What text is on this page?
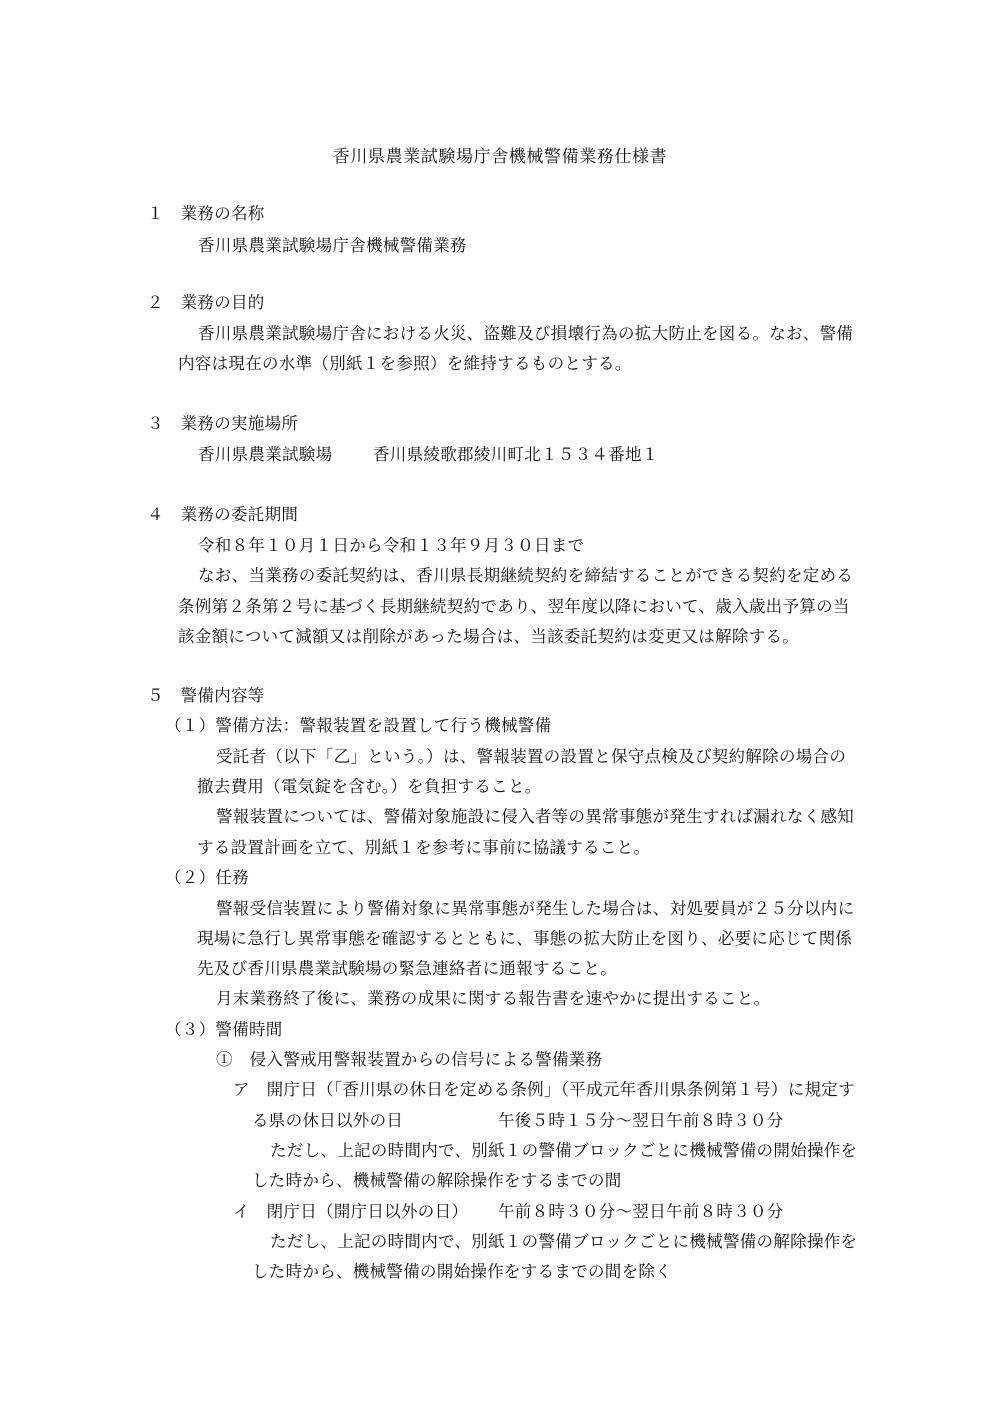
香川県農業試験場庁舎機械警備業務仕様書
１　業務の名称
香川県農業試験場庁舎機械警備業務
２　業務の目的
香川県農業試験場庁舎における火災、盗難及び損壊行為の拡大防止を図る。なお、警備
内容は現在の水準（別紙１を参照）を維持するものとする。
３　業務の実施場所
香川県農業試験場 香川県綾歌郡綾川町北１５３４番地１
４　業務の委託期間
令和８年１０月１日から令和１３年９月３０日まで
なお、当業務の委託契約は、香川県長期継続契約を締結することができる契約を定める
条例第２条第２号に基づく長期継続契約であり、翌年度以降において、歳入歳出予算の当
該金額について減額又は削除があった場合は、当該委託契約は変更又は解除する。
５　警備内容等
（１）警備方法：警報装置を設置して行う機械警備
受託者（以下「乙」という。）は、警報装置の設置と保守点検及び契約解除の場合の
撤去費用（電気錠を含む。）を負担すること。
警報装置については、警備対象施設に侵入者等の異常事態が発生すれば漏れなく感知
する設置計画を立て、別紙１を参考に事前に協議すること。
（２）任務
警報受信装置により警備対象に異常事態が発生した場合は、対処要員が２５分以内に
現場に急行し異常事態を確認するとともに、事態の拡大防止を図り、必要に応じて関係
先及び香川県農業試験場の緊急連絡者に通報すること。
月末業務終了後に、業務の成果に関する報告書を速やかに提出すること。
（３）警備時間
①　侵入警戒用警報装置からの信号による警備業務
ア　開庁日（「香川県の休日を定める条例」（平成元年香川県条例第１号）に規定す
る県の休日以外の日	午後５時１５分～翌日午前８時３０分
ただし、上記の時間内で、別紙１の警備ブロックごとに機械警備の開始操作を
した時から、機械警備の解除操作をするまでの間
イ　閉庁日（開庁日以外の日） 午前８時３０分～翌日午前８時３０分
ただし、上記の時間内で、別紙１の警備ブロックごとに機械警備の解除操作を
した時から、機械警備の開始操作をするまでの間を除く
